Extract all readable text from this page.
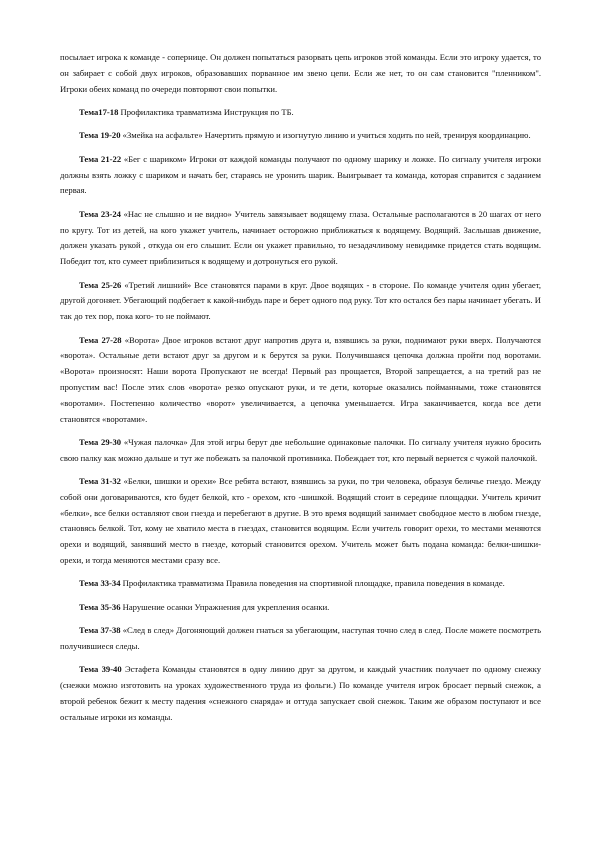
посылает игрока к команде - соперницe. Он должен попытаться разорвать цепь игроков этой команды. Если это игроку удается, то он забирает с собой двух игроков, образовавших порванное им звено цепи. Если же нет, то он сам становится "пленником". Игроки обеих команд по очереди повторяют свои попытки.

Тема17-18 Профилактика травматизма Инструкция по ТБ.

Тема 19-20 «Змейка на асфальте» Начертить прямую и изогнутую линию и учиться ходить по ней, тренируя координацию.

Тема 21-22 «Бег с шариком» Игроки от каждой команды получают по одному шарику и ложке. По сигналу учителя игроки должны взять ложку с шариком и начать бег, стараясь не уронить шарик. Выигрывает та команда, которая справится с заданием первая.

Тема 23-24 «Нас не слышно и не видно» Учитель завязывает водящему глаза. Остальные располагаются в 20 шагах от него по кругу. Тот из детей, на кого укажет учитель, начинает осторожно приближаться к водящему. Водящий. Заслышав движение, должен указать рукой , откуда он его слышит. Если он укажет правильно, то незадачливому невидимке придется стать водящим. Победит тот, кто сумеет приблизиться к водящему и дотронуться его рукой.

Тема 25-26 «Третий лишний» Все становятся парами в круг. Двое водящих - в стороне. По команде учителя один убегает, другой догоняет. Убегающий подбегает к какой-нибудь паре и берет одного под руку. Тот кто остался без пары начинает убегать. И так до тех пор, пока кого- то не поймают.

Тема 27-28 «Ворота» Двое игроков встают друг напротив друга и, взявшись за руки, поднимают руки вверх. Получаются «ворота». Остальные дети встают друг за другом и к берутся за руки. Получившаяся цепочка должна пройти под воротами. «Ворота» произносят: Наши ворота Пропускают не всегда! Первый раз прощается, Второй запрещается, а на третий раз не пропустим вас! После этих слов «ворота» резко опускают руки, и те дети, которые оказались пойманными, тоже становятся «воротами». Постепенно количество «ворот» увеличивается, а цепочка уменьшается. Игра заканчивается, когда все дети становятся «воротами».

Тема 29-30 «Чужая палочка» Для этой игры берут две небольшие одинаковые палочки. По сигналу учителя нужно бросить свою палку как можно дальше и тут же побежать за палочкой противника. Побеждает тот, кто первый вернется с чужой палочкой.

Тема 31-32 «Белки, шишки и орехи» Все ребята встают, взявшись за руки, по три человека, образуя беличье гнездо. Между собой они договариваются, кто будет белкой, кто - орехом, кто -шишкой. Водящий стоит в середине площадки. Учитель кричит «белки», все белки оставляют свои гнезда и перебегают в другие. В это время водящий занимает свободное место в любом гнезде, становясь белкой. Тот, кому не хватило места в гнездах, становится водящим. Если учитель говорит орехи, то местами меняются орехи и водящий, занявший место в гнезде, который становится орехом. Учитель может быть подана команда: белки-шишки-орехи, и тогда меняются местами сразу все.

Тема 33-34 Профилактика травматизма Правила поведения на спортивной площадке, правила поведения в команде.

Тема 35-36 Нарушение осанки Упражнения для укрепления осанки.

Тема 37-38 «След в след» Догоняющий должен гнаться за убегающим, наступая точно след в след. После можете посмотреть получившиеся следы.

Тема 39-40 Эстафета Команды становятся в одну линию друг за другом, и каждый участник получает по одному снежку (снежки можно изготовить на уроках художественного труда из фольги.) По команде учителя игрок бросает первый снежок, а второй ребенок бежит к месту падения «снежного снаряда» и оттуда запускает свой снежок. Таким же образом поступают и все остальные игроки из команды.
